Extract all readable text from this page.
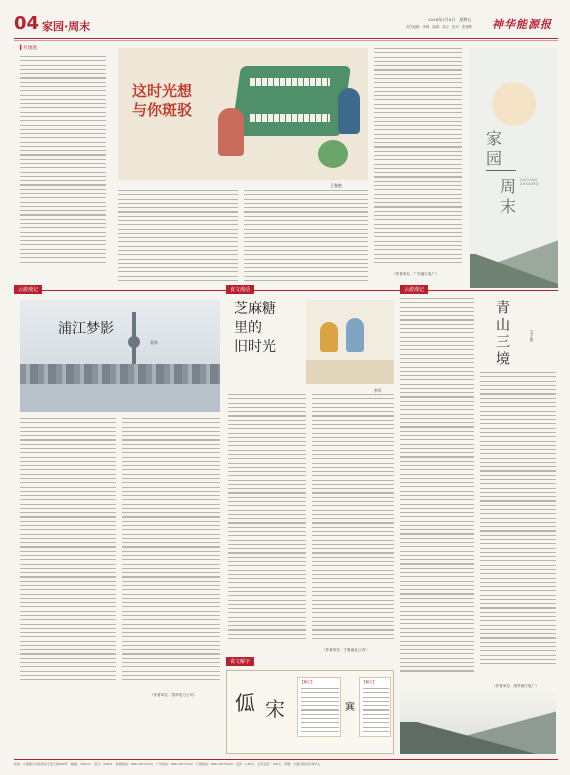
04 家园·周末
2026年2月6日　星期五
责任编辑：李琳　编辑：徐立　校对：张德辉 神华能源报
▍红地毯
这时光想
与你斑驳
王春艳
（作者单位：广东湛江电厂）
家
园
周
末
JIAYUAN ZHOUMO
云游漫记
浦江梦影
袁伟
（作者单位：国华电力公司）
食文漫话
芝麻糖
里的
旧时光
李军
（作者单位：宁夏煤业公司）
说文解字
𠇗 宋
【解字】
𡨄
【解字】
云游漫记
青山三境	王子怡
（作者单位：国华浙江电厂）
社址：宁夏银川市金凤区宁安大街490号　邮编：750011　发行：20651　新闻热线：0951-6971533　广告热线：0951-6971532　订阅热线：0951-6975018　定价：2.50元　全年定价：180元　印刷：宁夏日报社印务中心
